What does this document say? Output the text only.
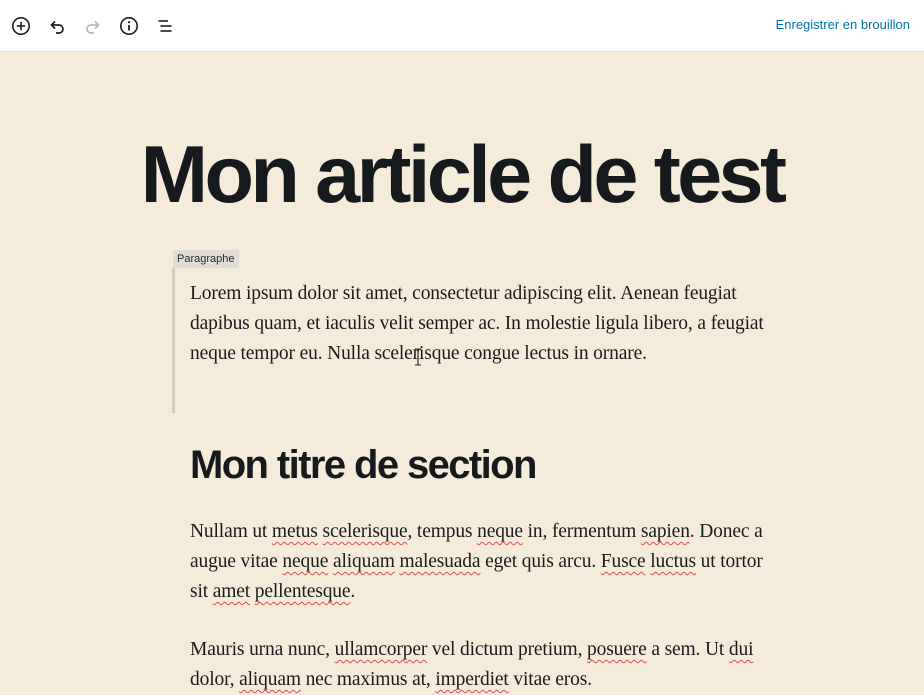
Enregistrer en brouillon
Mon article de test
Paragraphe

Lorem ipsum dolor sit amet, consectetur adipiscing elit. Aenean feugiat dapibus quam, et iaculis velit semper ac. In molestie ligula libero, a feugiat neque tempor eu. Nulla scelerisque congue lectus in ornare.

Mon titre de section

Nullam ut metus scelerisque, tempus neque in, fermentum sapien. Donec a augue vitae neque aliquam malesuada eget quis arcu. Fusce luctus ut tortor sit amet pellentesque.

Mauris urna nunc, ullamcorper vel dictum pretium, posuere a sem. Ut dui dolor, aliquam nec maximus at, imperdiet vitae eros.
